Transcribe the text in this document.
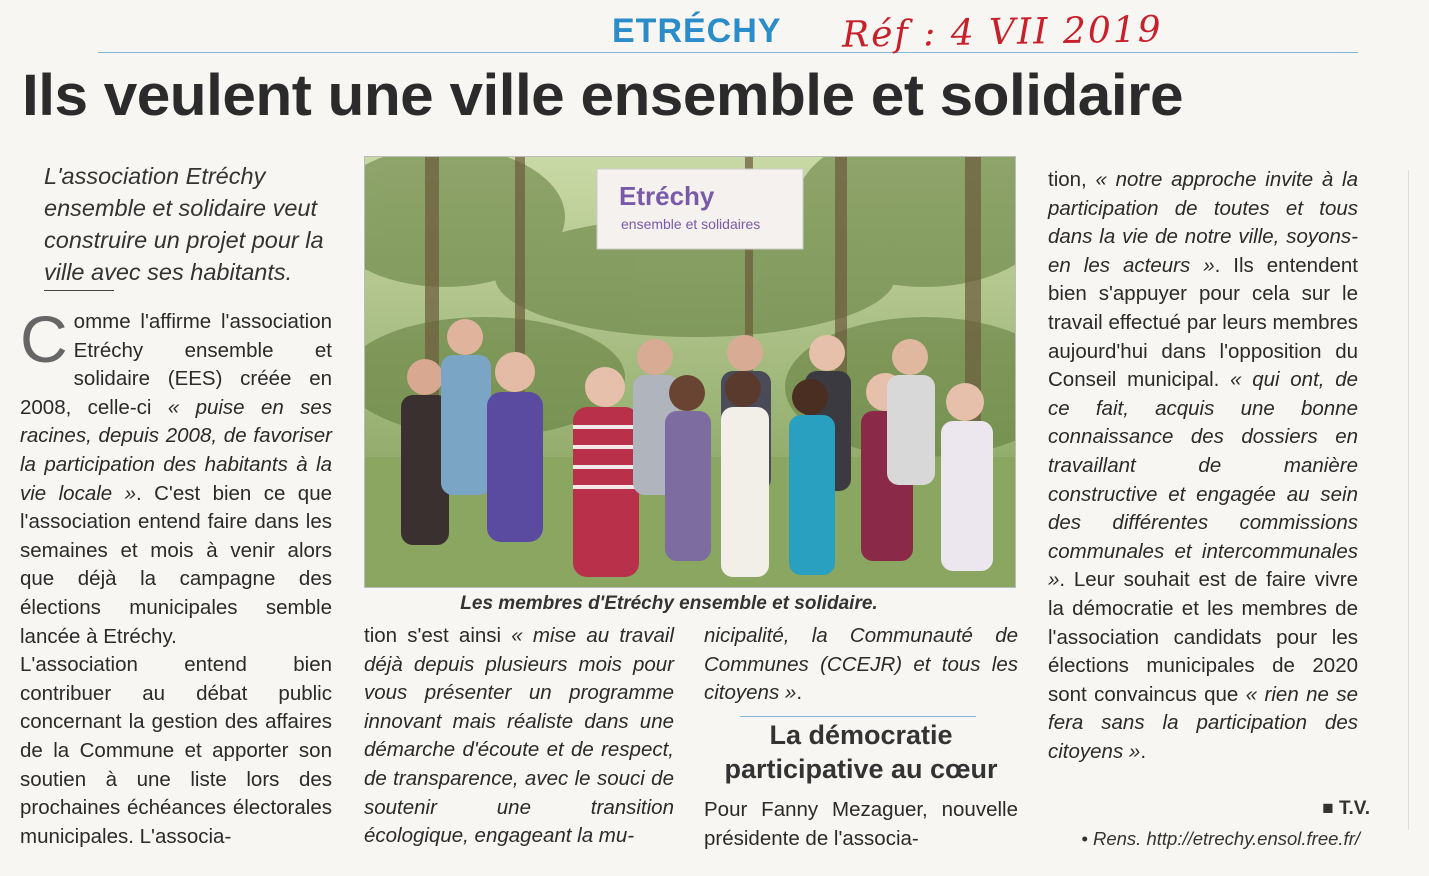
ETRÉCHY Réf : 4 VII 2019
Ils veulent une ville ensemble et solidaire
L'association Etréchy ensemble et solidaire veut construire un projet pour la ville avec ses habitants.

Comme l'affirme l'association Etréchy ensemble et solidaire (EES) créée en 2008, celle-ci « puise en ses racines, depuis 2008, de favoriser la participation des habitants à la vie locale ». C'est bien ce que l'association entend faire dans les semaines et mois à venir alors que déjà la campagne des élections municipales semble lancée à Etréchy.

L'association entend bien contribuer au débat public concernant la gestion des affaires de la Commune et apporter son soutien à une liste lors des prochaines échéances électorales municipales. L'associa-

Etréchy
ensemble et solidaires
Les membres d'Etréchy ensemble et solidaire.

tion s'est ainsi « mise au travail déjà depuis plusieurs mois pour vous présenter un programme innovant mais réaliste dans une démarche d'écoute et de respect, de transparence, avec le souci de soutenir une transition écologique, engageant la mu-

nicipalité, la Communauté de Communes (CCEJR) et tous les citoyens ».

La démocratie participative au cœur

Pour Fanny Mezaguer, nouvelle présidente de l'associa-

tion, « notre approche invite à la participation de toutes et tous dans la vie de notre ville, soyons-en les acteurs ». Ils entendent bien s'appuyer pour cela sur le travail effectué par leurs membres aujourd'hui dans l'opposition du Conseil municipal. « qui ont, de ce fait, acquis une bonne connaissance des dossiers en travaillant de manière constructive et engagée au sein des différentes commissions communales et intercommunales ». Leur souhait est de faire vivre la démocratie et les membres de l'association candidats pour les élections municipales de 2020 sont convaincus que « rien ne se fera sans la participation des citoyens ».

■ T.V.
• Rens. http://etrechy.ensol.free.fr/
